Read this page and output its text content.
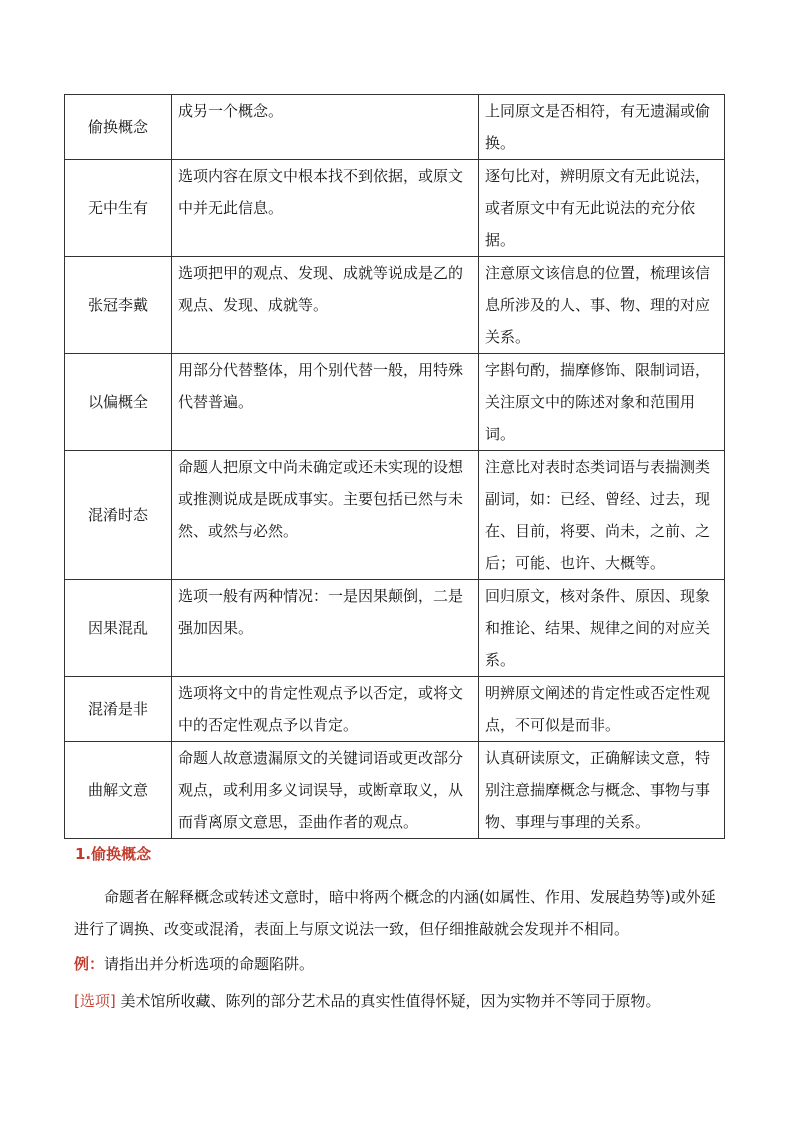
偷换概念	成另一个概念。	上同原文是否相符，有无遗漏或偷换。
无中生有	选项内容在原文中根本找不到依据，或原文中并无此信息。	逐句比对，辨明原文有无此说法，或者原文中有无此说法的充分依据。
张冠李戴	选项把甲的观点、发现、成就等说成是乙的观点、发现、成就等。	注意原文该信息的位置，梳理该信息所涉及的人、事、物、理的对应关系。
以偏概全	用部分代替整体，用个别代替一般，用特殊代替普遍。	字斟句酌，揣摩修饰、限制词语，关注原文中的陈述对象和范围用词。
混淆时态	命题人把原文中尚未确定或还未实现的设想或推测说成是既成事实。主要包括已然与未然、或然与必然。	注意比对表时态类词语与表揣测类副词，如：已经、曾经、过去，现在、目前，将要、尚未，之前、之后；可能、也许、大概等。
因果混乱	选项一般有两种情况：一是因果颠倒，二是强加因果。	回归原文，核对条件、原因、现象和推论、结果、规律之间的对应关系。
混淆是非	选项将文中的肯定性观点予以否定，或将文中的否定性观点予以肯定。	明辨原文阐述的肯定性或否定性观点，不可似是而非。
曲解文意	命题人故意遗漏原文的关键词语或更改部分观点，或利用多义词误导，或断章取义，从而背离原文意思，歪曲作者的观点。	认真研读原文，正确解读文意，特别注意揣摩概念与概念、事物与事物、事理与事理的关系。
1.偷换概念
命题者在解释概念或转述文意时，暗中将两个概念的内涵(如属性、作用、发展趋势等)或外延进行了调换、改变或混淆，表面上与原文说法一致，但仔细推敲就会发现并不相同。
例：请指出并分析选项的命题陷阱。
[选项] 美术馆所收藏、陈列的部分艺术品的真实性值得怀疑，因为实物并不等同于原物。
